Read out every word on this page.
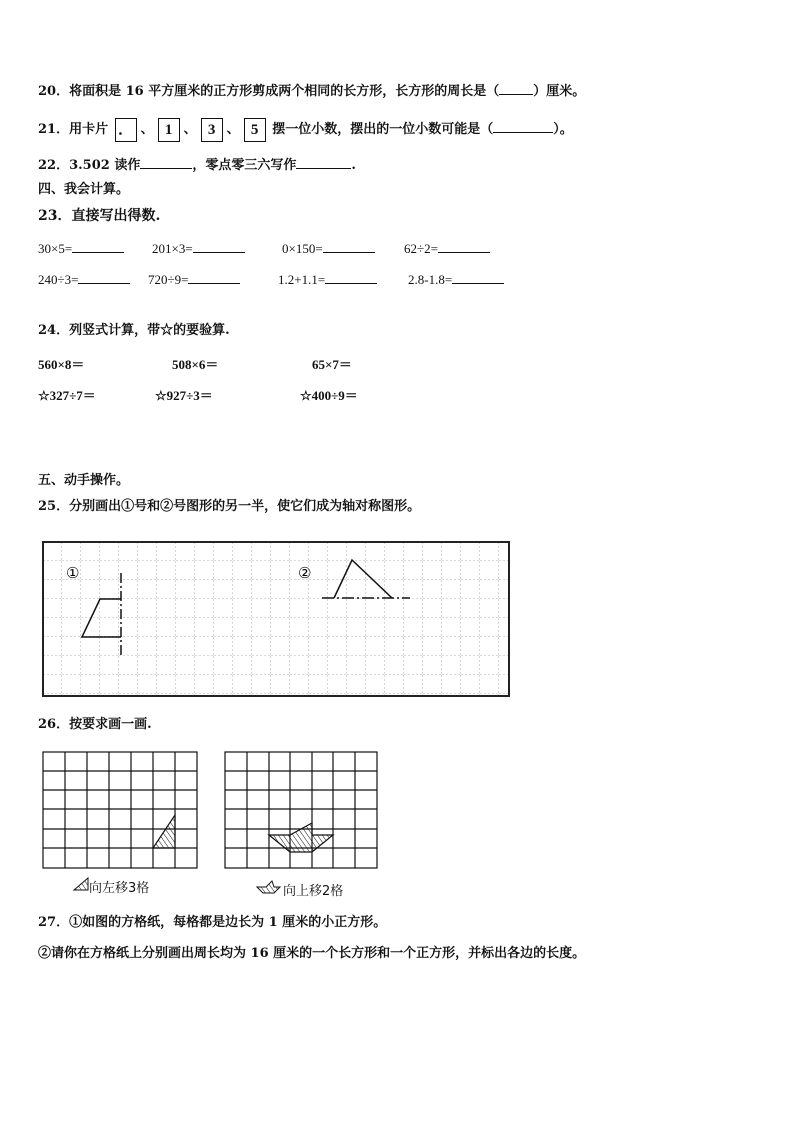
20．将面积是 16 平方厘米的正方形剪成两个相同的长方形，长方形的周长是（	）厘米。
21．用卡片 ． 、 1 、 3 、 5 摆一位小数，摆出的一位小数可能是（	）。
22．3.502 读作	，零点零三六写作	.
四、我会计算。
23．直接写出得数.
30×5=	201×3=	0×150=	62÷2=
240÷3=	720÷9=	1.2+1.1=	2.8-1.8=
24．列竖式计算，带☆的要验算.
560×8＝	508×6＝	65×7＝
☆327÷7＝	☆927÷3＝	☆400÷9＝
五、动手操作。
25．分别画出①号和②号图形的另一半，使它们成为轴对称图形。
①	②
26．按要求画一画.
向左移3格	向上移2格
27．①如图的方格纸，每格都是边长为 1 厘米的小正方形。
②请你在方格纸上分别画出周长均为 16 厘米的一个长方形和一个正方形，并标出各边的长度。
